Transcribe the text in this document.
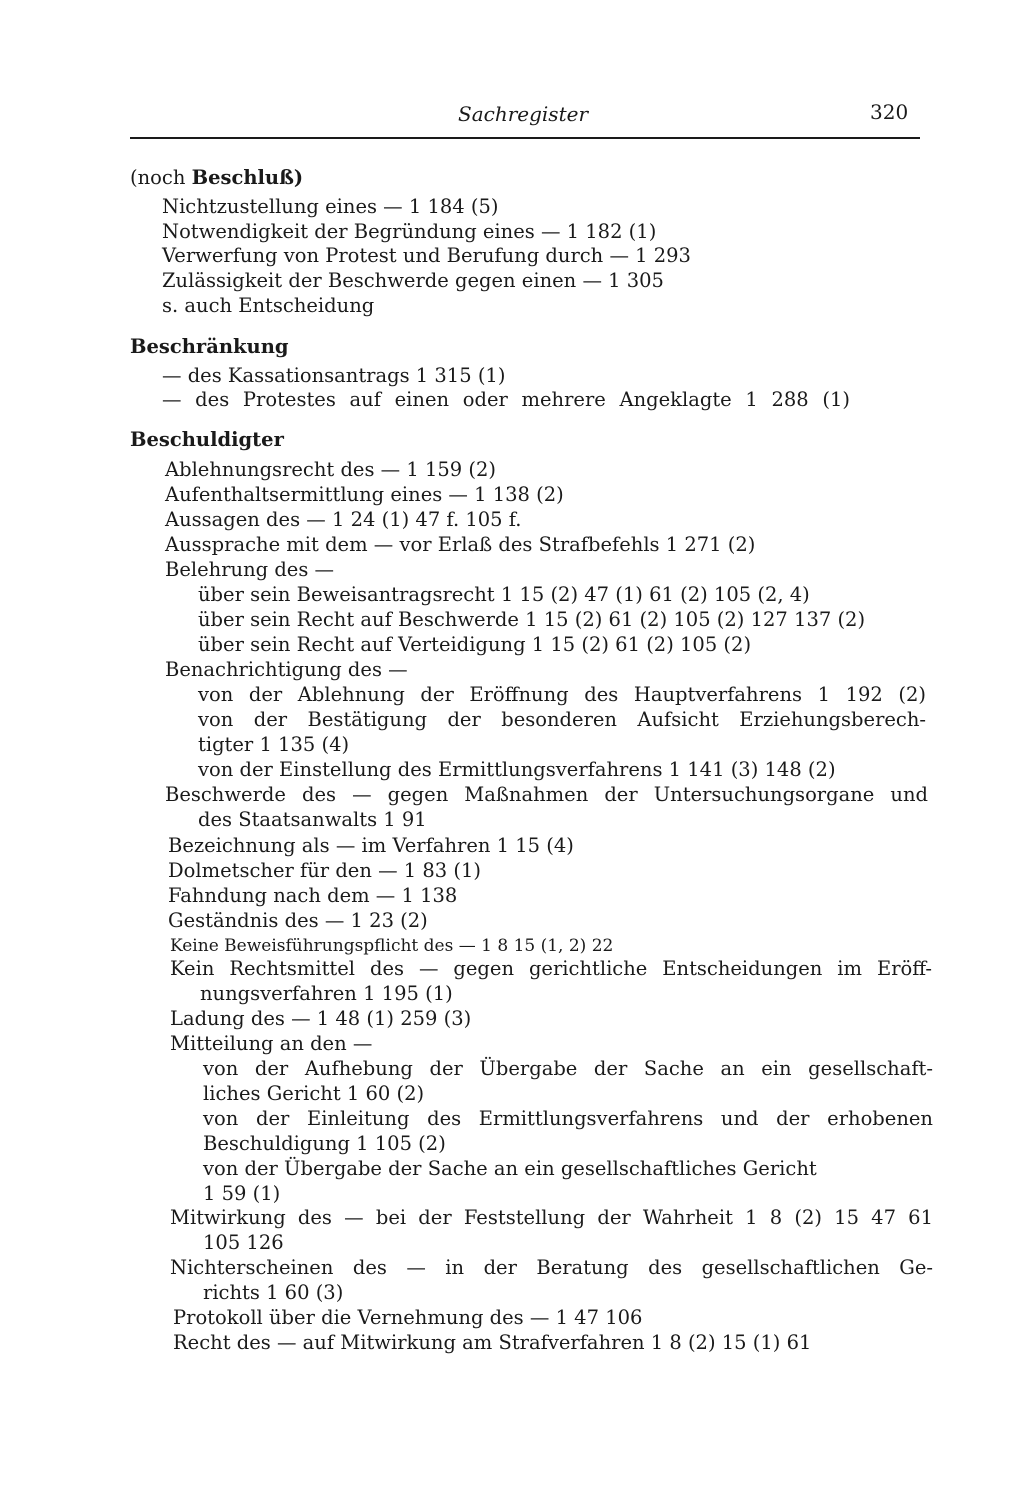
Sachregister	320
(noch Beschluß)
Nichtzustellung eines — 1 184 (5)
Notwendigkeit der Begründung eines — 1 182 (1)
Verwerfung von Protest und Berufung durch — 1 293
Zulässigkeit der Beschwerde gegen einen — 1 305
s. auch Entscheidung
Beschränkung
— des Kassationsantrags 1 315 (1)
— des Protestes auf einen oder mehrere Angeklagte 1 288 (1)
Beschuldigter
Ablehnungsrecht des — 1 159 (2)
Aufenthaltsermittlung eines — 1 138 (2)
Aussagen des — 1 24 (1) 47 f. 105 f.
Aussprache mit dem — vor Erlaß des Strafbefehls 1 271 (2)
Belehrung des —
über sein Beweisantragsrecht 1 15 (2) 47 (1) 61 (2) 105 (2, 4)
über sein Recht auf Beschwerde 1 15 (2) 61 (2) 105 (2) 127 137 (2)
über sein Recht auf Verteidigung 1 15 (2) 61 (2) 105 (2)
Benachrichtigung des —
von der Ablehnung der Eröffnung des Hauptverfahrens 1 192 (2)
von der Bestätigung der besonderen Aufsicht Erziehungsberech-
tigter 1 135 (4)
von der Einstellung des Ermittlungsverfahrens 1 141 (3) 148 (2)
Beschwerde des — gegen Maßnahmen der Untersuchungsorgane und
des Staatsanwalts 1 91
Bezeichnung als — im Verfahren 1 15 (4)
Dolmetscher für den — 1 83 (1)
Fahndung nach dem — 1 138
Geständnis des — 1 23 (2)
Keine Beweisführungspflicht des — 1 8 15 (1, 2) 22
Kein Rechtsmittel des — gegen gerichtliche Entscheidungen im Eröff-
nungsverfahren 1 195 (1)
Ladung des — 1 48 (1) 259 (3)
Mitteilung an den —
von der Aufhebung der Übergabe der Sache an ein gesellschaft-
liches Gericht 1 60 (2)
von der Einleitung des Ermittlungsverfahrens und der erhobenen
Beschuldigung 1 105 (2)
von der Übergabe der Sache an ein gesellschaftliches Gericht
1 59 (1)
Mitwirkung des — bei der Feststellung der Wahrheit 1 8 (2) 15 47 61
105 126
Nichterscheinen des — in der Beratung des gesellschaftlichen Ge-
richts 1 60 (3)
Protokoll über die Vernehmung des — 1 47 106
Recht des — auf Mitwirkung am Strafverfahren 1 8 (2) 15 (1) 61
